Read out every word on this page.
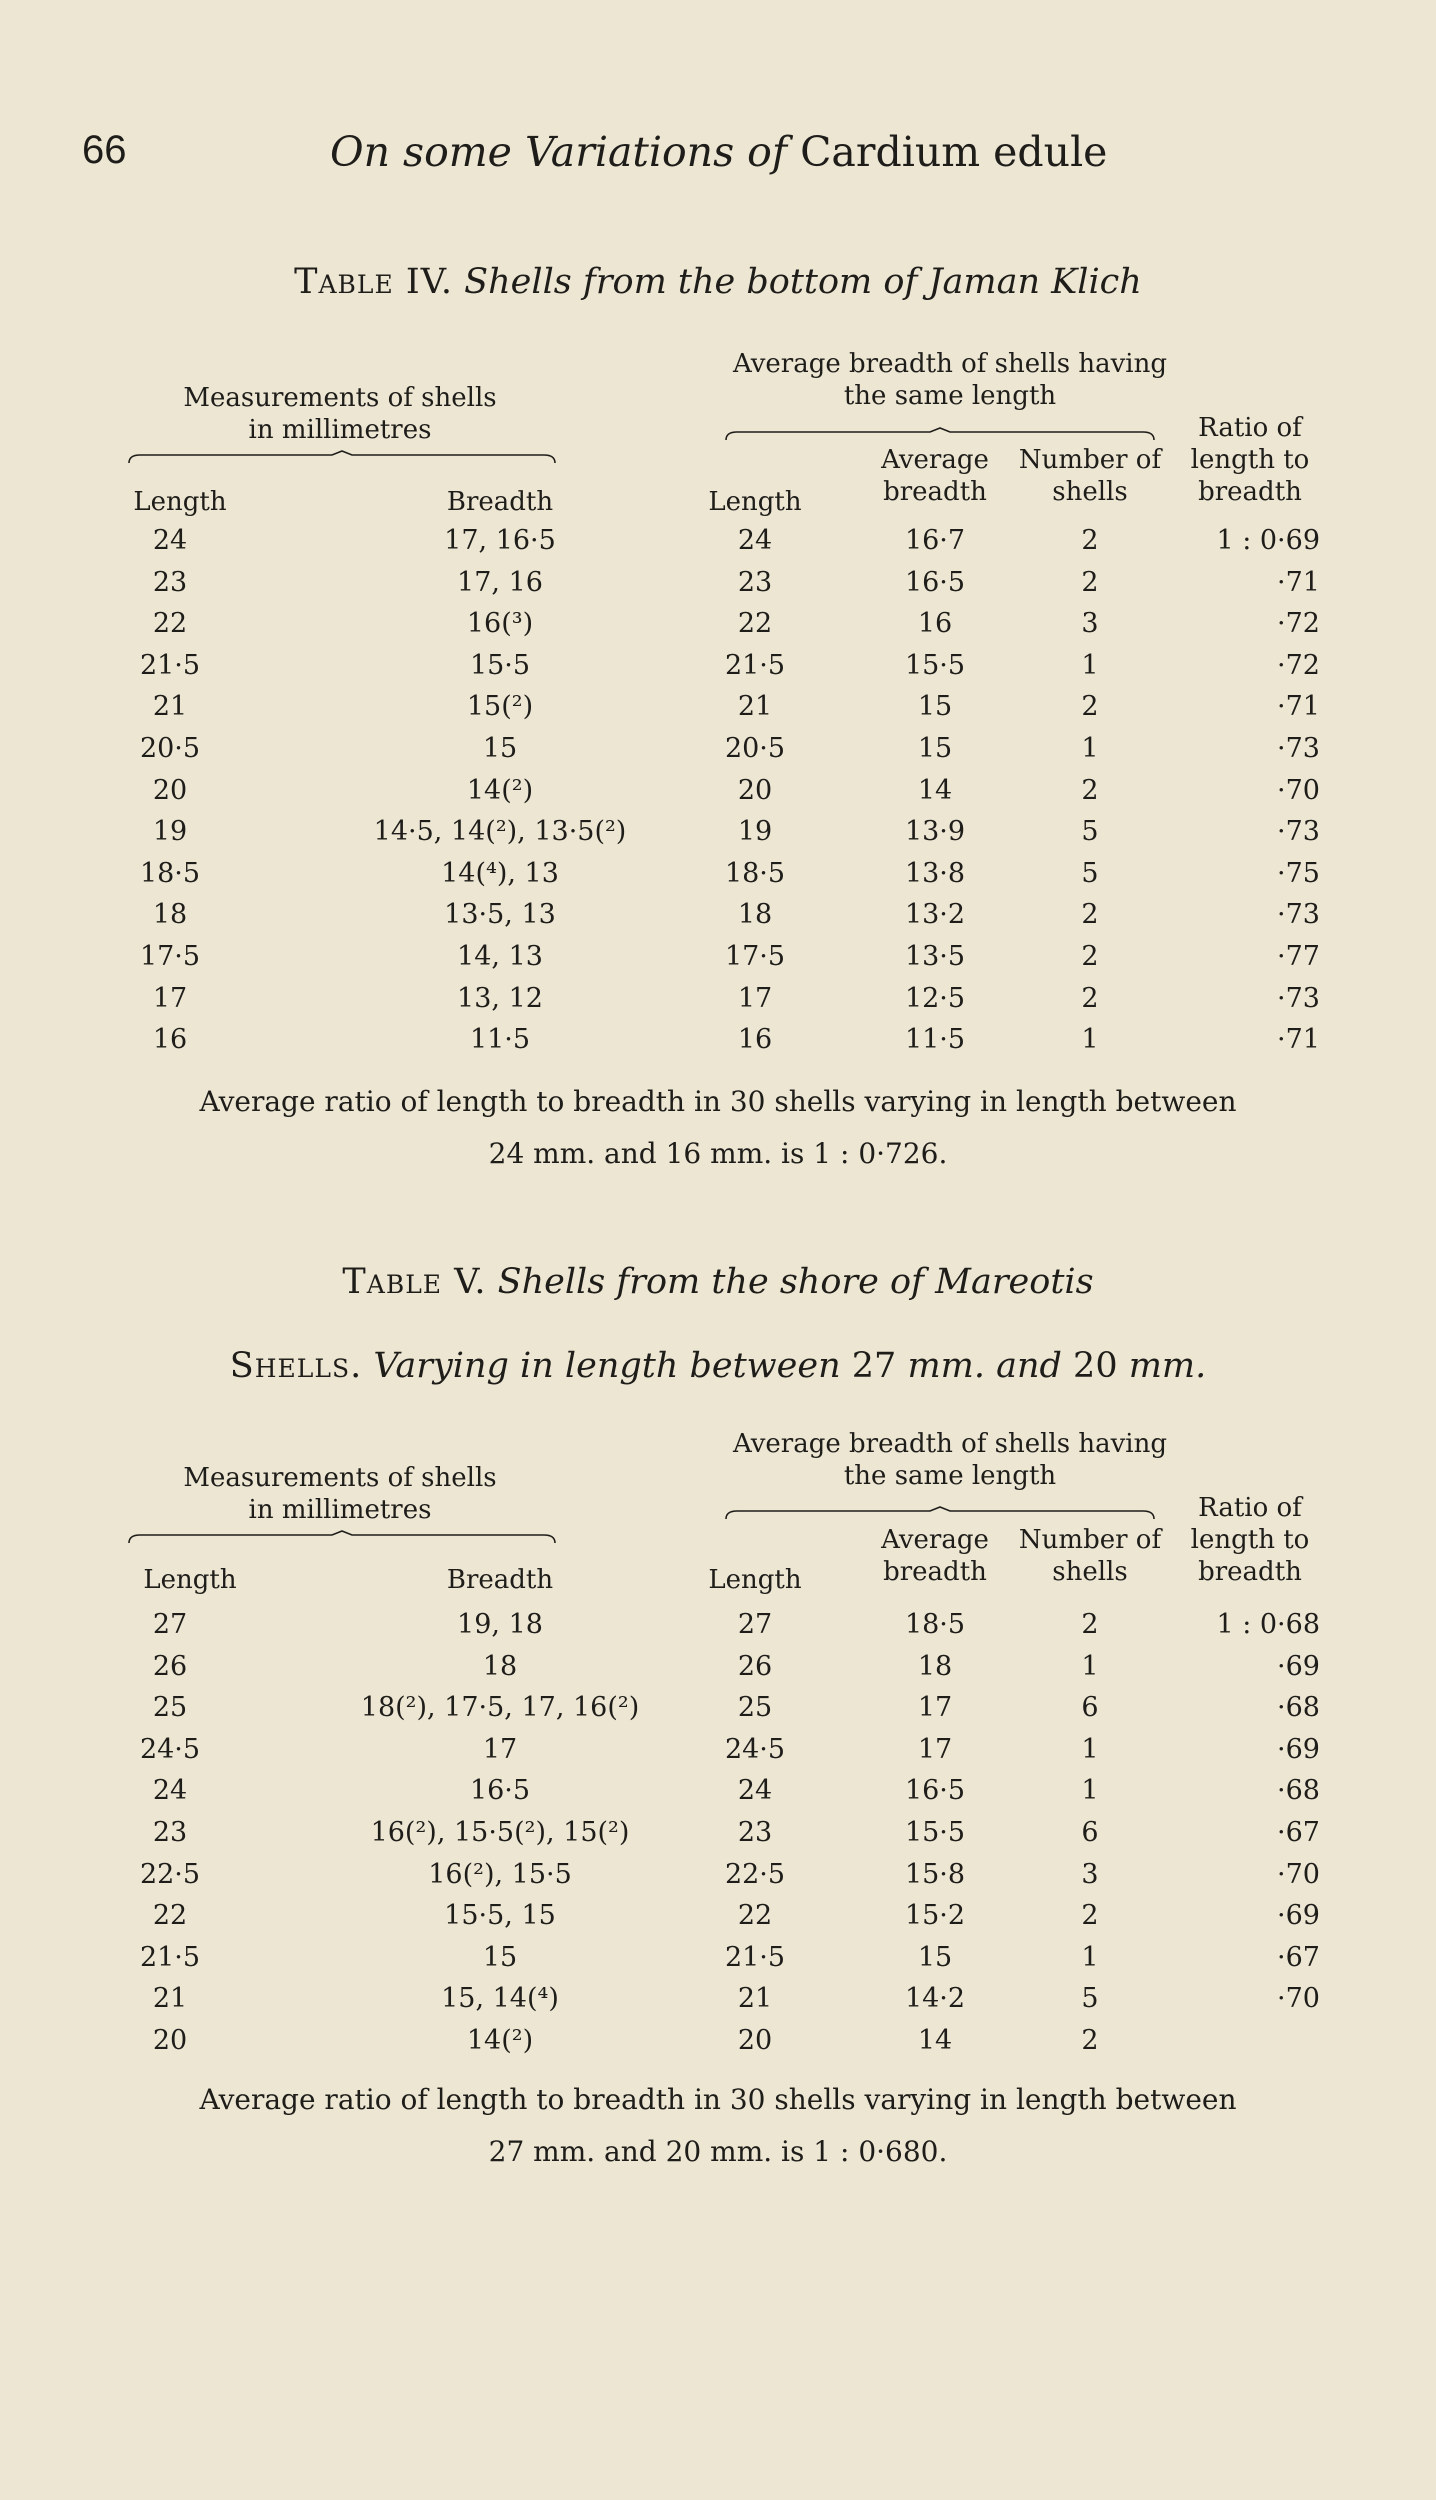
66	On some Variations of Cardium edule
Table IV. Shells from the bottom of Jaman Klich
Measurements of shells
in millimetres
Average breadth of shells having
the same length
Ratio of
length to
breadth
Length	Breadth	Length
Average
breadth
Number of
shells
24	17, 16·5	24	16·7	2	1 : 0·69
23	17, 16	23	16·5	2	·71
22	16(³)	22	16	3	·72
21·5	15·5	21·5	15·5	1	·72
21	15(²)	21	15	2	·71
20·5	15	20·5	15	1	·73
20	14(²)	20	14	2	·70
19	14·5, 14(²), 13·5(²)	19	13·9	5	·73
18·5	14(⁴), 13	18·5	13·8	5	·75
18	13·5, 13	18	13·2	2	·73
17·5	14, 13	17·5	13·5	2	·77
17	13, 12	17	12·5	2	·73
16	11·5	16	11·5	1	·71
Average ratio of length to breadth in 30 shells varying in length between
24 mm. and 16 mm. is 1 : 0·726.
Table V. Shells from the shore of Mareotis
Shells. Varying in length between 27 mm. and 20 mm.
Measurements of shells
in millimetres
Average breadth of shells having
the same length
Ratio of
length to
breadth
Length	Breadth	Length
Average
breadth
Number of
shells
27	19, 18	27	18·5	2	1 : 0·68
26	18	26	18	1	·69
25	18(²), 17·5, 17, 16(²)	25	17	6	·68
24·5	17	24·5	17	1	·69
24	16·5	24	16·5	1	·68
23	16(²), 15·5(²), 15(²)	23	15·5	6	·67
22·5	16(²), 15·5	22·5	15·8	3	·70
22	15·5, 15	22	15·2	2	·69
21·5	15	21·5	15	1	·67
21	15, 14(⁴)	21	14·2	5	·70
20	14(²)	20	14	2
Average ratio of length to breadth in 30 shells varying in length between
27 mm. and 20 mm. is 1 : 0·680.
